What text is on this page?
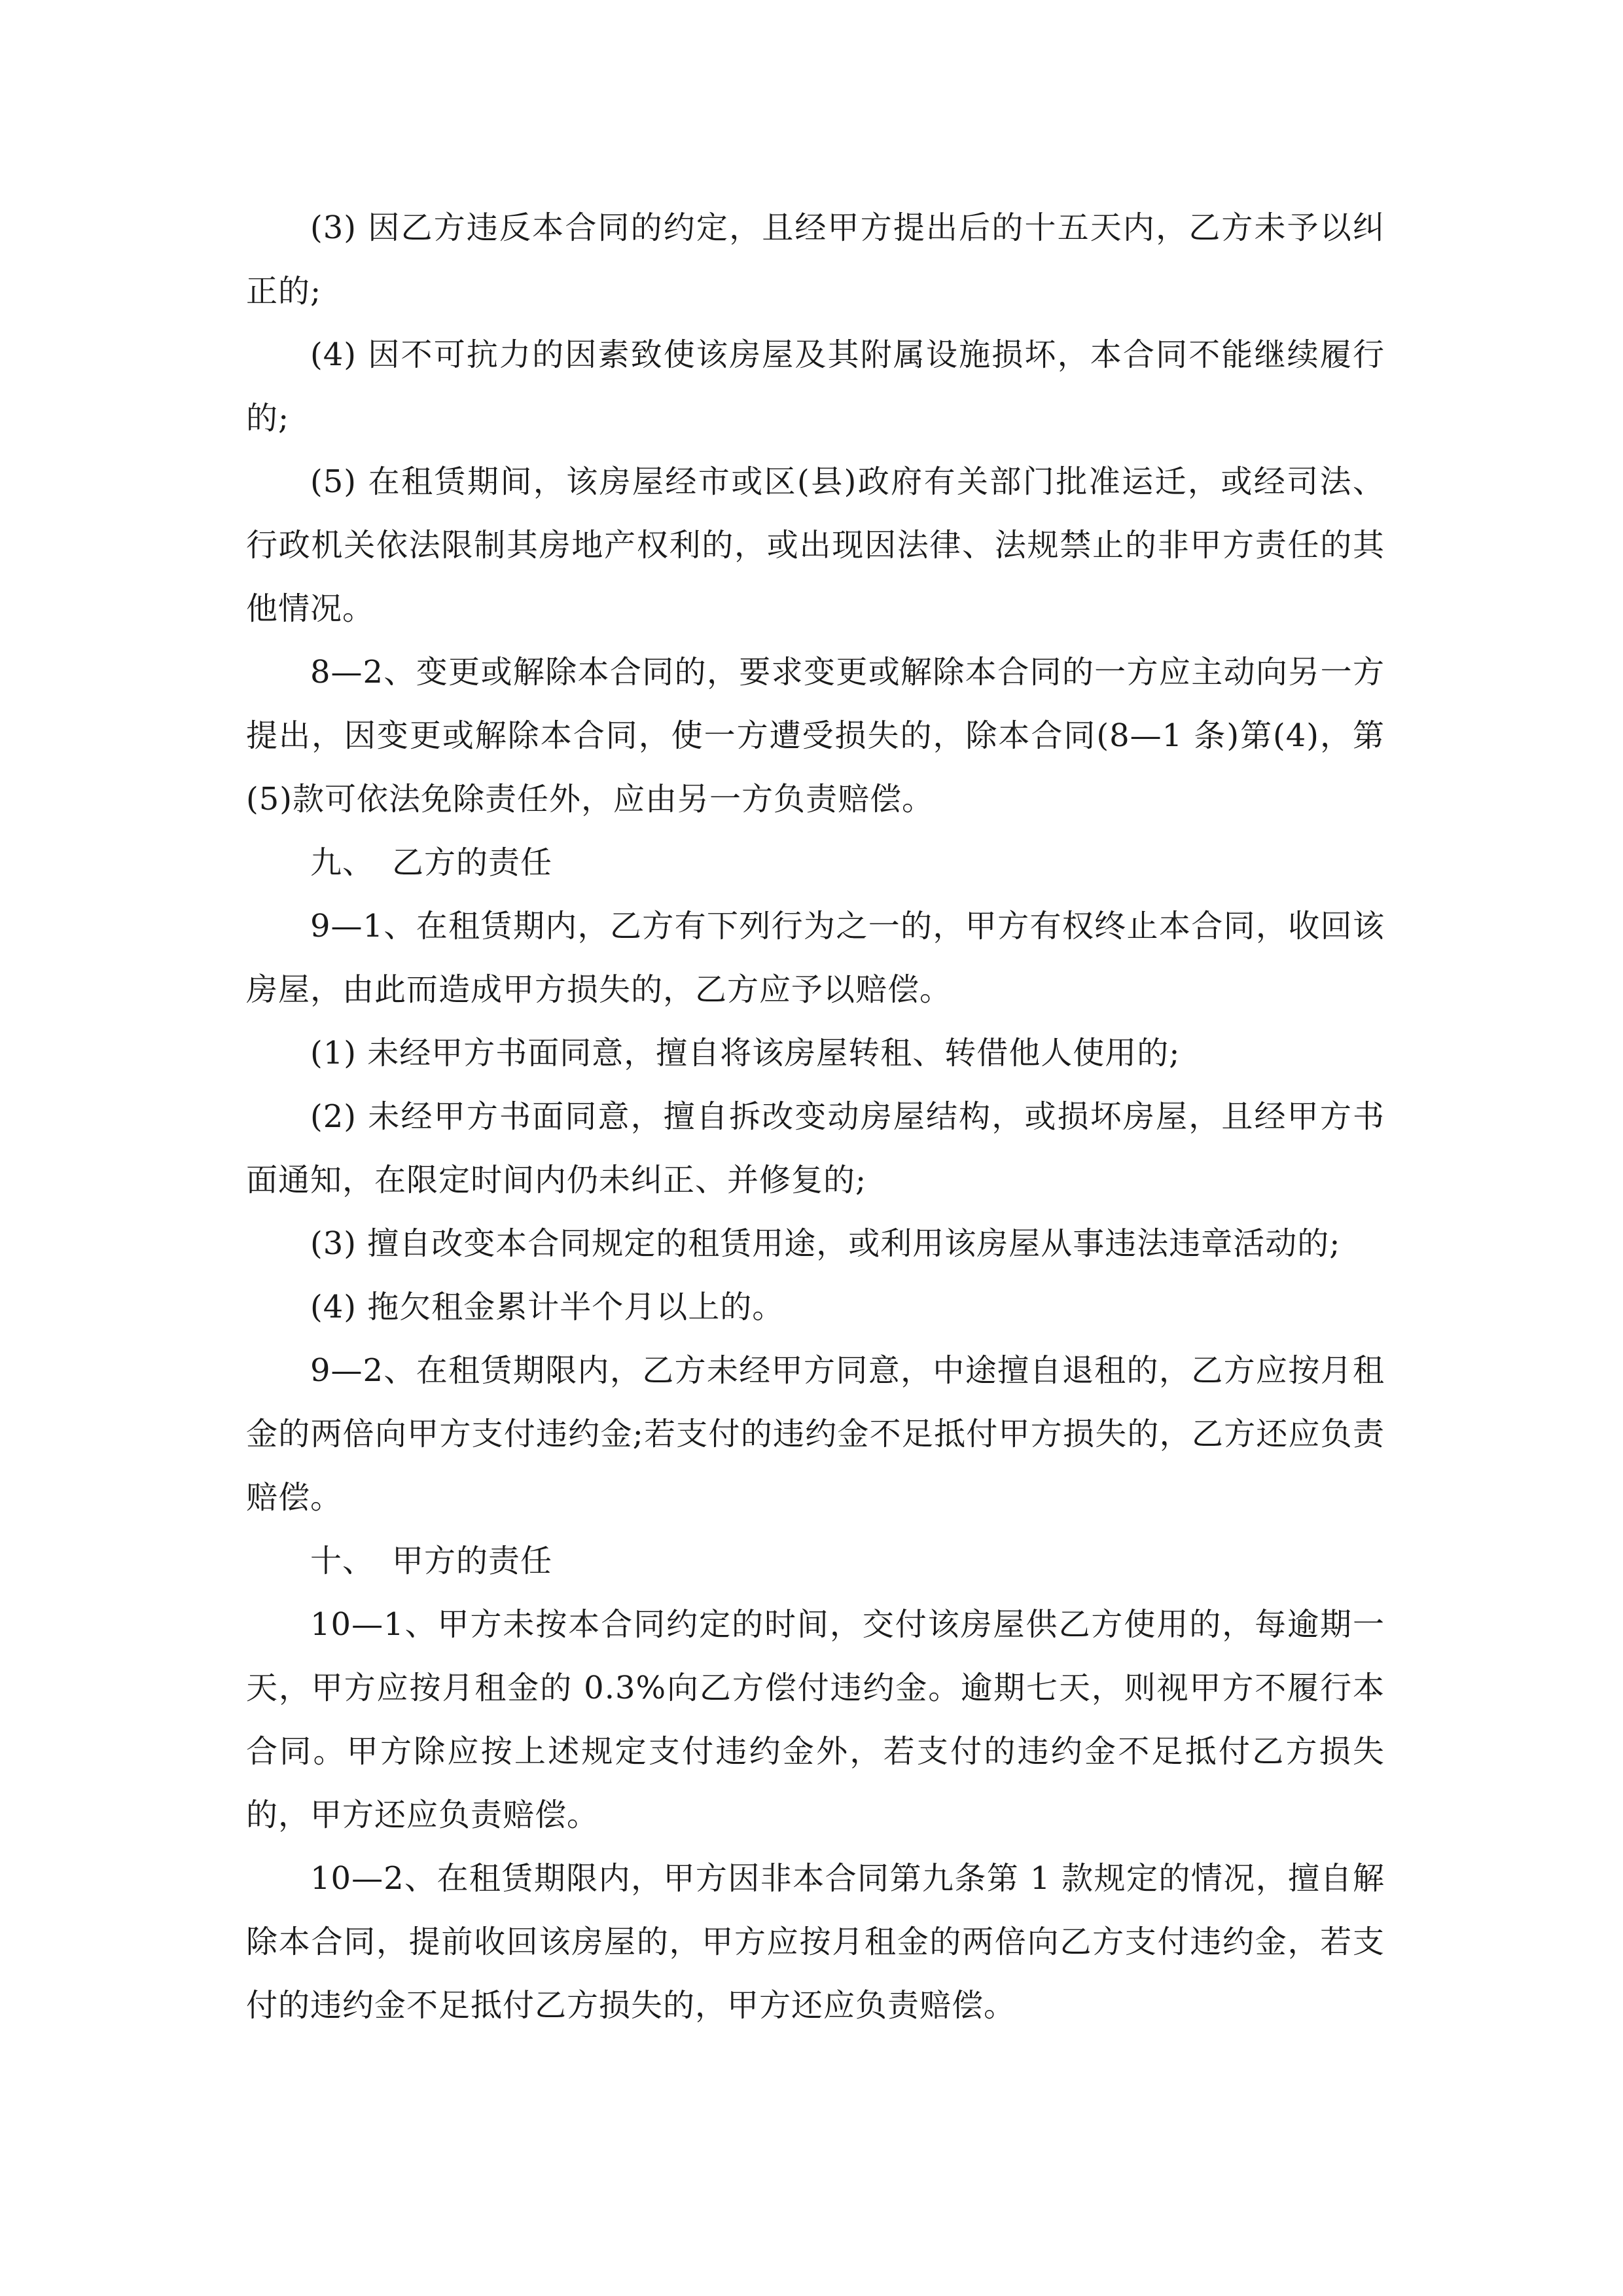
(3) 因乙方违反本合同的约定，且经甲方提出后的十五天内，乙方未予以纠正的;

(4) 因不可抗力的因素致使该房屋及其附属设施损坏，本合同不能继续履行的;

(5) 在租赁期间，该房屋经市或区(县)政府有关部门批准运迁，或经司法、行政机关依法限制其房地产权利的，或出现因法律、法规禁止的非甲方责任的其他情况。

8—2、变更或解除本合同的，要求变更或解除本合同的一方应主动向另一方提出，因变更或解除本合同，使一方遭受损失的，除本合同(8—1 条)第(4)，第(5)款可依法免除责任外，应由另一方负责赔偿。

九、 乙方的责任

9—1、在租赁期内，乙方有下列行为之一的，甲方有权终止本合同，收回该房屋，由此而造成甲方损失的，乙方应予以赔偿。

(1) 未经甲方书面同意，擅自将该房屋转租、转借他人使用的;

(2) 未经甲方书面同意，擅自拆改变动房屋结构，或损坏房屋，且经甲方书面通知，在限定时间内仍未纠正、并修复的;

(3) 擅自改变本合同规定的租赁用途，或利用该房屋从事违法违章活动的;

(4) 拖欠租金累计半个月以上的。

9—2、在租赁期限内，乙方未经甲方同意，中途擅自退租的，乙方应按月租金的两倍向甲方支付违约金;若支付的违约金不足抵付甲方损失的，乙方还应负责赔偿。

十、 甲方的责任

10—1、甲方未按本合同约定的时间，交付该房屋供乙方使用的，每逾期一天，甲方应按月租金的 0.3%向乙方偿付违约金。逾期七天，则视甲方不履行本合同。甲方除应按上述规定支付违约金外，若支付的违约金不足抵付乙方损失的，甲方还应负责赔偿。

10—2、在租赁期限内，甲方因非本合同第九条第 1 款规定的情况，擅自解除本合同，提前收回该房屋的，甲方应按月租金的两倍向乙方支付违约金，若支付的违约金不足抵付乙方损失的，甲方还应负责赔偿。
